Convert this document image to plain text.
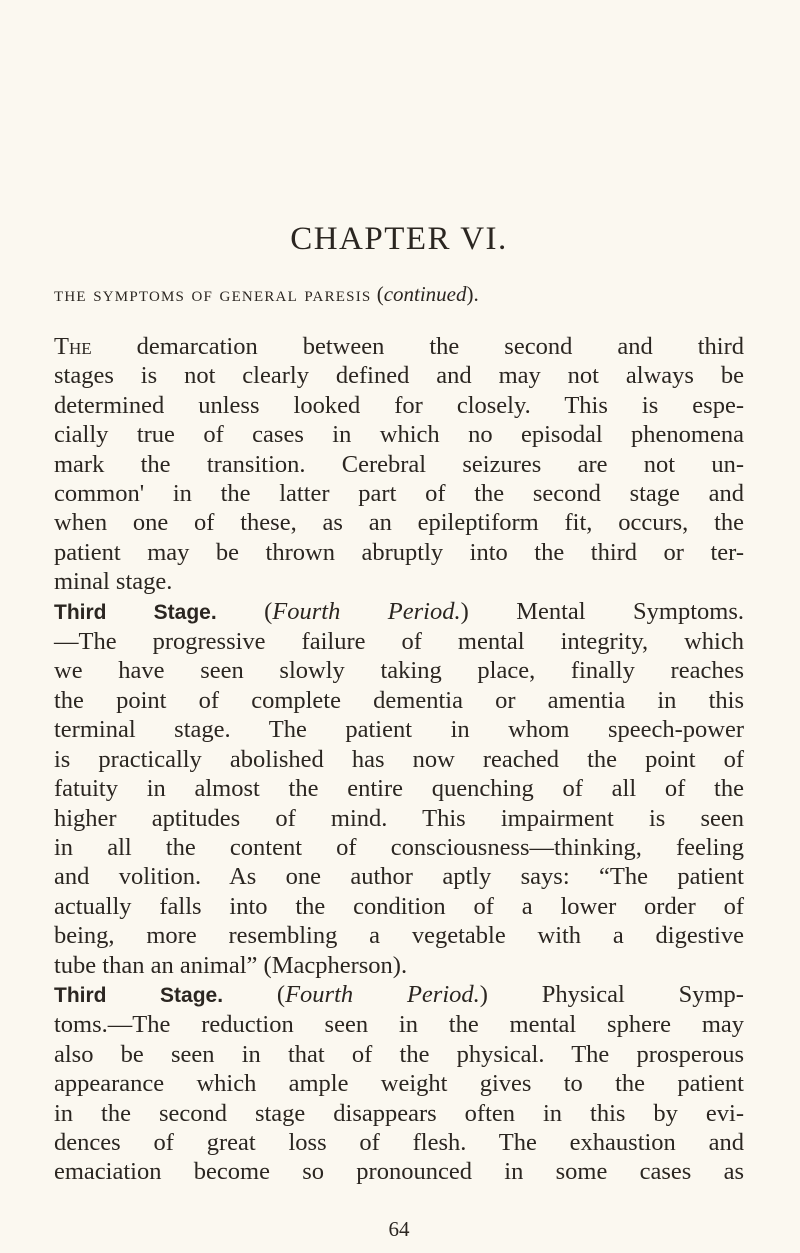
CHAPTER VI.

the symptoms of general paresis (continued).

The demarcation between the second and third
stages is not clearly defined and may not always be
determined unless looked for closely. This is espe-
cially true of cases in which no episodal phenomena
mark the transition. Cerebral seizures are not un-
common' in the latter part of the second stage and
when one of these, as an epileptiform fit, occurs, the
patient may be thrown abruptly into the third or ter-
minal stage.
Third Stage. (Fourth Period.) Mental Symptoms.
—The progressive failure of mental integrity, which
we have seen slowly taking place, finally reaches
the point of complete dementia or amentia in this
terminal stage. The patient in whom speech-power
is practically abolished has now reached the point of
fatuity in almost the entire quenching of all of the
higher aptitudes of mind. This impairment is seen
in all the content of consciousness—thinking, feeling
and volition. As one author aptly says: “The patient
actually falls into the condition of a lower order of
being, more resembling a vegetable with a digestive
tube than an animal” (Macpherson).
Third Stage. (Fourth Period.) Physical Symp-
toms.—The reduction seen in the mental sphere may
also be seen in that of the physical. The prosperous
appearance which ample weight gives to the patient
in the second stage disappears often in this by evi-
dences of great loss of flesh. The exhaustion and
emaciation become so pronounced in some cases as
64
